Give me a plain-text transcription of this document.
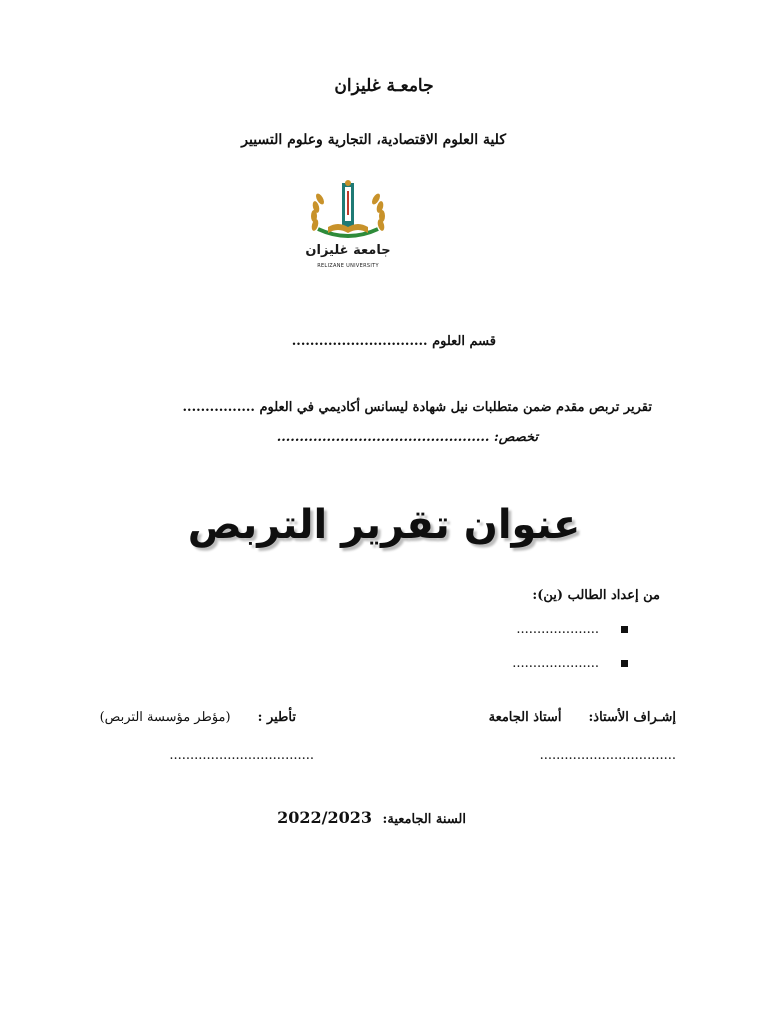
جامعـة غليزان
كلية العلوم الاقتصادية، التجارية وعلوم التسيير
جامعة غليزان
RELIZANE UNIVERSITY
قسم العلوم ..............................
تقرير تربص مقدم ضمن متطلبات نيل شهادة ليسانس أكاديمي في العلوم ................
تخصص: ...............................................
عنوان تقرير التربص
من إعداد الطالب (ين):
....................
.....................
إشـراف الأستاذ:  أستاذ الجامعة
تأطير :  (مؤطر مؤسسة التربص)
.................................
...................................
السنة الجامعية: 2022/2023
